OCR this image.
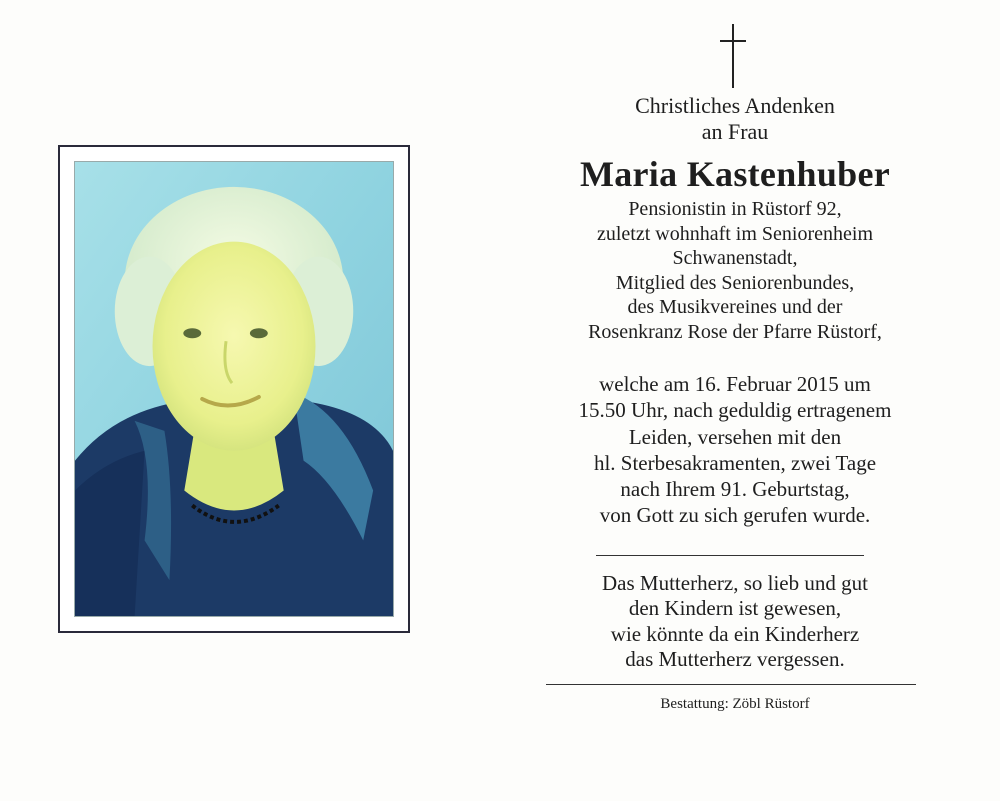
Christliches Andenken
an Frau
Maria Kastenhuber
Pensionistin in Rüstorf 92,
zuletzt wohnhaft im Seniorenheim
Schwanenstadt,
Mitglied des Seniorenbundes,
des Musikvereines und der
Rosenkranz Rose der Pfarre Rüstorf,
welche am 16. Februar 2015 um
15.50 Uhr, nach geduldig ertragenem
Leiden, versehen mit den
hl. Sterbesakramenten, zwei Tage
nach Ihrem 91. Geburtstag,
von Gott zu sich gerufen wurde.
Das Mutterherz, so lieb und gut
den Kindern ist gewesen,
wie könnte da ein Kinderherz
das Mutterherz vergessen.
Bestattung: Zöbl Rüstorf
